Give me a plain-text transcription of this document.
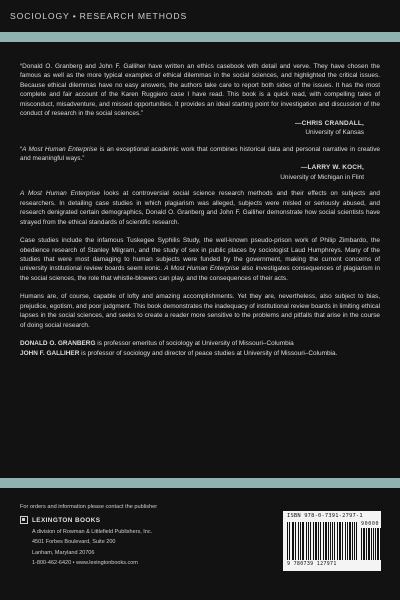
SOCIOLOGY • RESEARCH METHODS

“Donald O. Granberg and John F. Galliher have written an ethics casebook with detail and verve. They have chosen the famous as well as the more typical examples of ethical dilemmas in the social sciences, and highlighted the critical issues. Because ethical dilemmas have no easy answers, the authors take care to report both sides of the issues. It has the most complete and fair account of the Karen Ruggiero case I have read. This book is a quick read, with compelling tales of misconduct, misadventure, and missed opportunities. It provides an ideal starting point for investigation and discussion of the conduct of research in the social sciences.”

—CHRIS CRANDALL,
University of Kansas

“A Most Human Enterprise is an exceptional academic work that combines historical data and personal narrative in creative and meaningful ways.”

—LARRY W. KOCH,
University of Michigan in Flint

A Most Human Enterprise looks at controversial social science research methods and their effects on subjects and researchers. In detailing case studies in which plagiarism was alleged, subjects were misled or seriously abused, and research denigrated certain demographics, Donald O. Granberg and John F. Galliher demonstrate how social scientists have strayed from the ethical standards of scientific research.

Case studies include the infamous Tuskegee Syphilis Study, the well-known pseudo-prison work of Philip Zimbardo, the obedience research of Stanley Milgram, and the study of sex in public places by sociologist Laud Humphreys. Many of the studies that were most damaging to human subjects were funded by the government, making the current concerns of university institutional review boards seem ironic. A Most Human Enterprise also investigates consequences of plagiarism in the social sciences, the role that whistle-blowers can play, and the consequences of their acts.

Humans are, of course, capable of lofty and amazing accomplishments. Yet they are, nevertheless, also subject to bias, prejudice, egotism, and poor judgment. This book demonstrates the inadequacy of institutional review boards in limiting ethical lapses in the social sciences, and seeks to create a reader more sensitive to the problems and pitfalls that arise in the course of doing social research.

DONALD O. GRANBERG is professor emeritus of sociology at University of Missouri–Columbia

JOHN F. GALLIHER is professor of sociology and director of peace studies at University of Missouri–Columbia.

For orders and information please contact the publisher
LEXINGTON BOOKS
A division of Rowman & Littlefield Publishers, Inc.
4501 Forbes Boulevard, Suite 200
Lanham, Maryland 20706
1-800-462-6420 • www.lexingtonbooks.com
ISBN 978-0-7391-2797-1
90000
9 780739 127971
